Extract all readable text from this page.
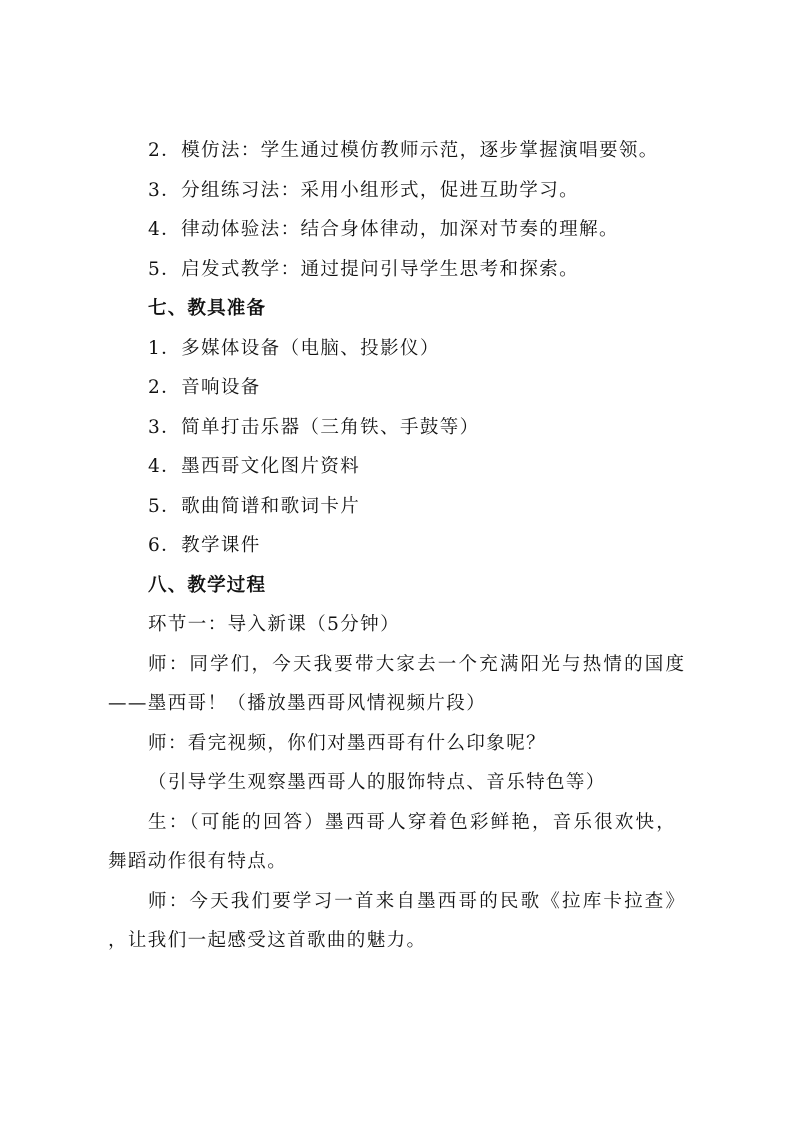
2．模仿法：学生通过模仿教师示范，逐步掌握演唱要领。
3．分组练习法：采用小组形式，促进互助学习。
4．律动体验法：结合身体律动，加深对节奏的理解。
5．启发式教学：通过提问引导学生思考和探索。
七、教具准备
1．多媒体设备（电脑、投影仪）
2．音响设备
3．简单打击乐器（三角铁、手鼓等）
4．墨西哥文化图片资料
5．歌曲简谱和歌词卡片
6．教学课件
八、教学过程
环节一：导入新课（5分钟）
师：同学们，今天我要带大家去一个充满阳光与热情的国度
——墨西哥！（播放墨西哥风情视频片段）
师：看完视频，你们对墨西哥有什么印象呢？
（引导学生观察墨西哥人的服饰特点、音乐特色等）
生：（可能的回答）墨西哥人穿着色彩鲜艳，音乐很欢快，
舞蹈动作很有特点。
师：今天我们要学习一首来自墨西哥的民歌《拉库卡拉查》
，让我们一起感受这首歌曲的魅力。
